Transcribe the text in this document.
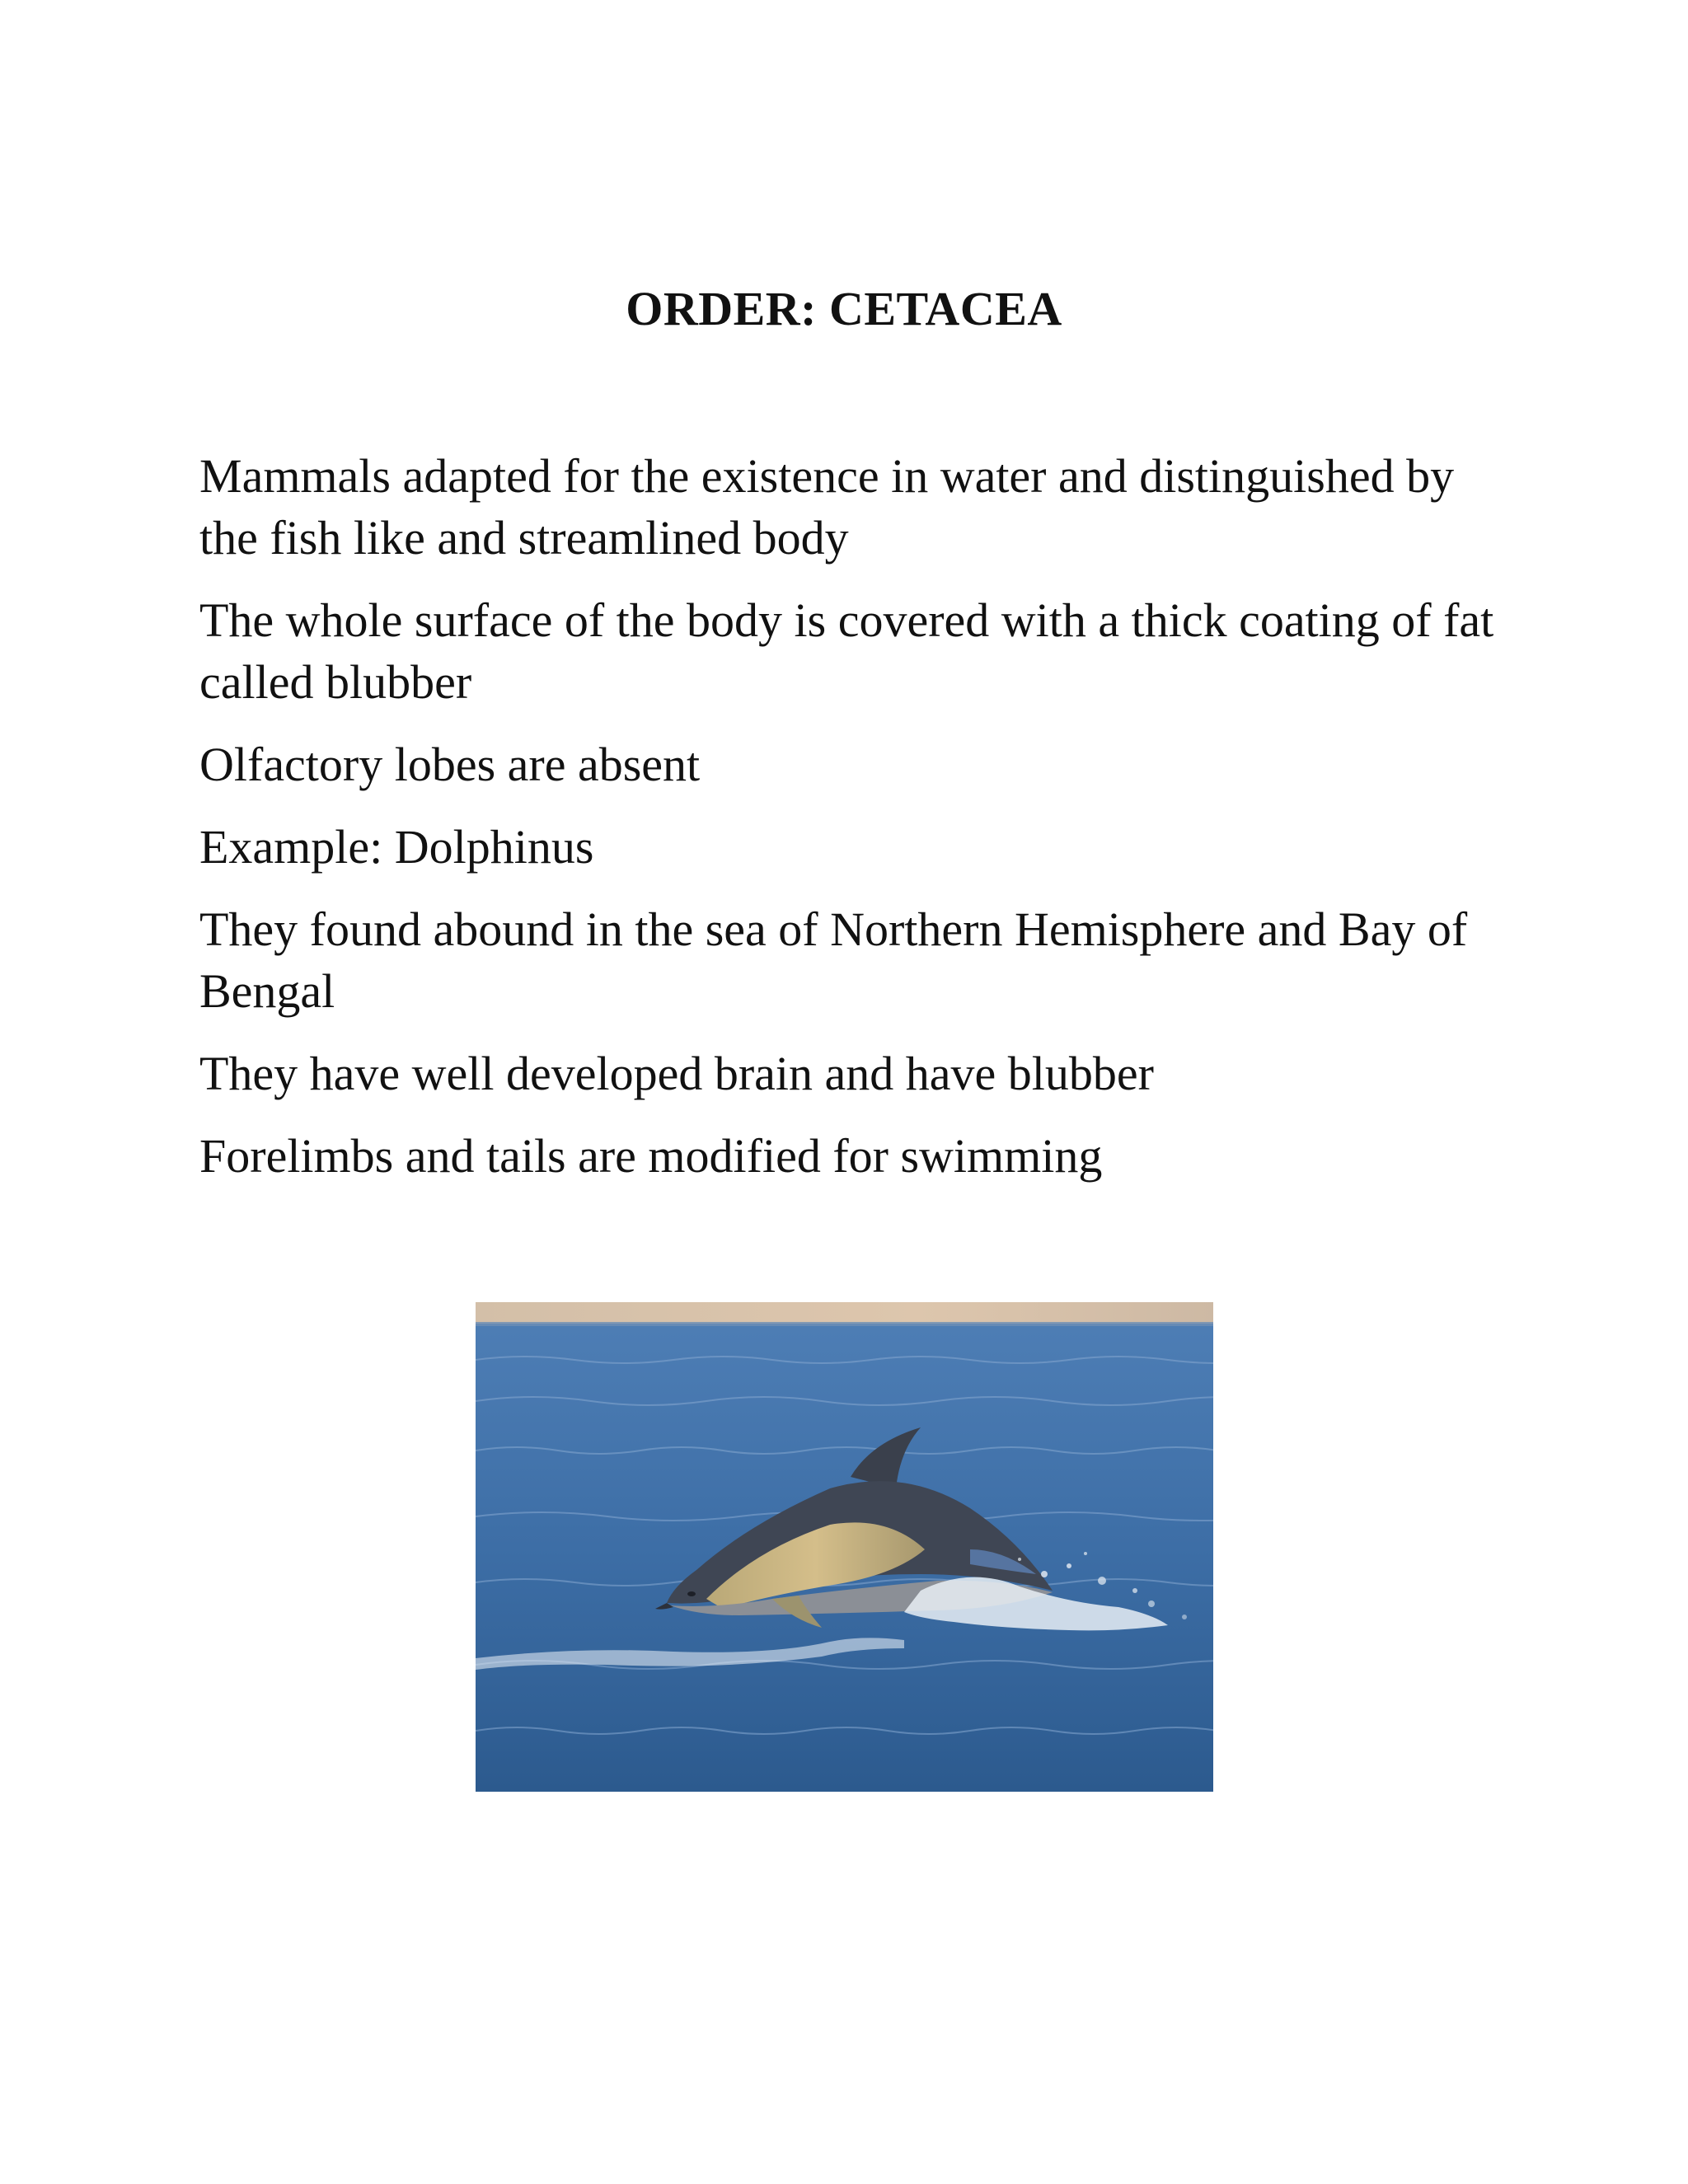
ORDER: CETACEA

Mammals adapted for the existence in water and distinguished by the fish like and streamlined body

The whole surface of the body is covered with a thick coating of fat called blubber

Olfactory lobes are absent

Example: Dolphinus

They found abound in the sea of Northern Hemisphere and Bay of Bengal

They have well developed brain and have blubber

Forelimbs and tails are modified for swimming
